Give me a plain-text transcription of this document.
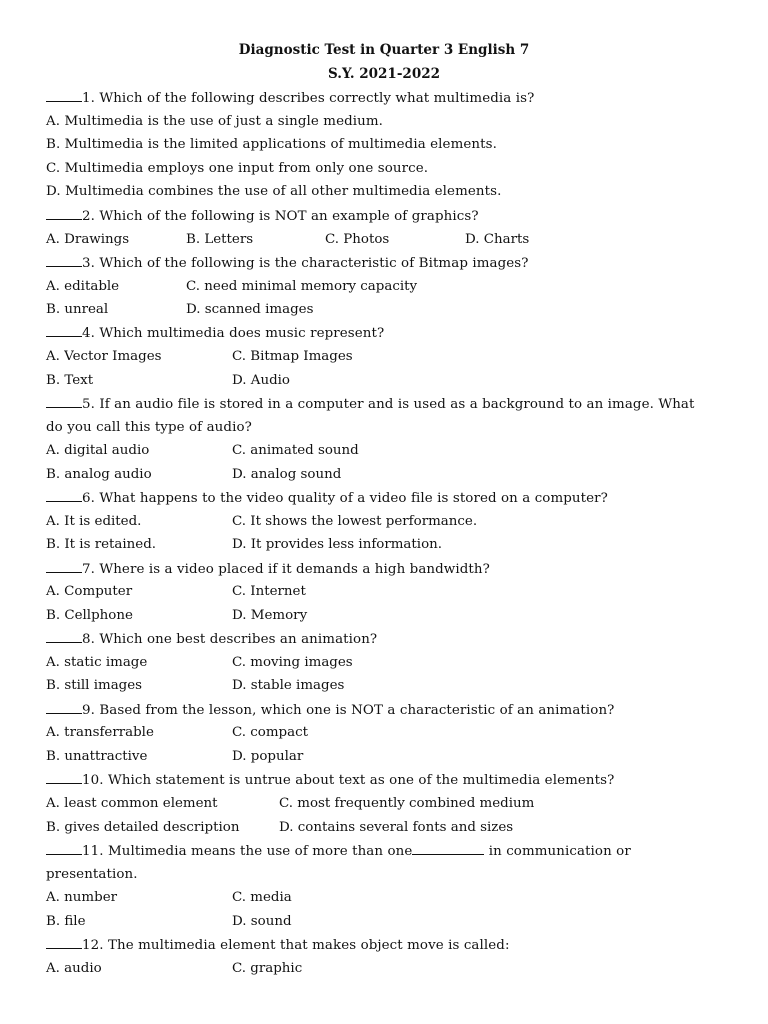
Diagnostic Test in Quarter 3 English 7
S.Y. 2021-2022
1. Which of the following describes correctly what multimedia is?
A. Multimedia is the use of just a single medium.
B. Multimedia is the limited applications of multimedia elements.
C. Multimedia employs one input from only one source.
D. Multimedia combines the use of all other multimedia elements.
2. Which of the following is NOT an example of graphics?
A. Drawings	B. Letters	C. Photos	D. Charts
3. Which of the following is the characteristic of Bitmap images?
A. editable	C. need minimal memory capacity
B. unreal	D. scanned images
4. Which multimedia does music represent?
A. Vector Images	C. Bitmap Images
B. Text	D. Audio
5. If an audio file is stored in a computer and is used as a background to an image. What
do you call this type of audio?
A. digital audio	C. animated sound
B. analog audio	D. analog sound
6. What happens to the video quality of a video file is stored on a computer?
A. It is edited.	C. It shows the lowest performance.
B. It is retained.	D. It provides less information.
7. Where is a video placed if it demands a high bandwidth?
A. Computer	C. Internet
B. Cellphone	D. Memory
8. Which one best describes an animation?
A. static image	C. moving images
B. still images	D. stable images
9. Based from the lesson, which one is NOT a characteristic of an animation?
A. transferrable	C. compact
B. unattractive	D. popular
10. Which statement is untrue about text as one of the multimedia elements?
A. least common element	C. most frequently combined medium
B. gives detailed description	D. contains several fonts and sizes
11. Multimedia means the use of more than one	in communication or
presentation.
A. number	C. media
B. file	D. sound
12. The multimedia element that makes object move is called:
A. audio	C. graphic
